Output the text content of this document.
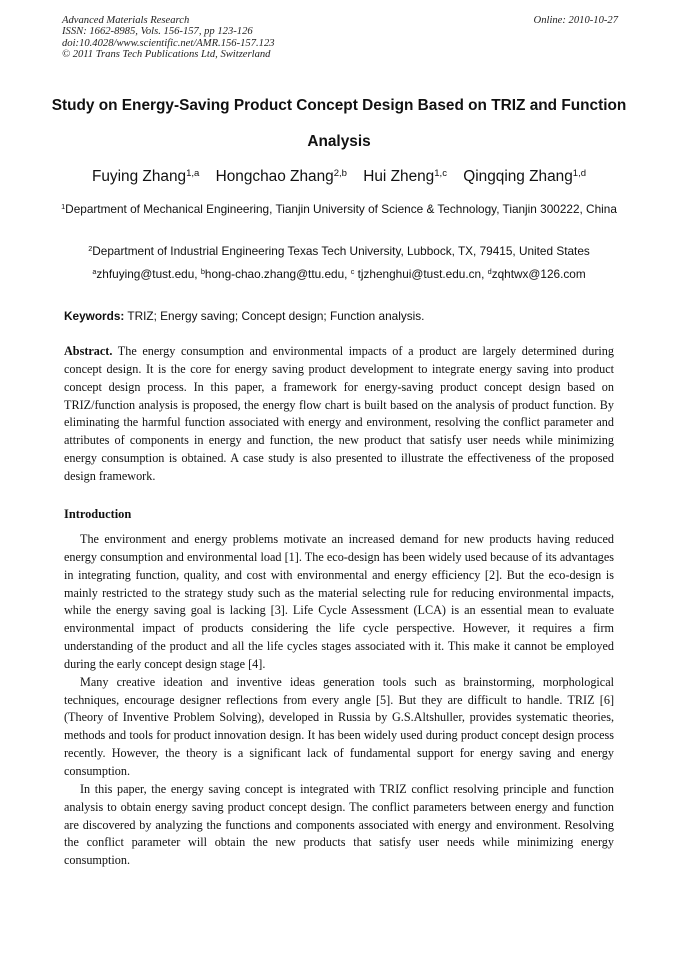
Advanced Materials Research
ISSN: 1662-8985, Vols. 156-157, pp 123-126
doi:10.4028/www.scientific.net/AMR.156-157.123
© 2011 Trans Tech Publications Ltd, Switzerland
Online: 2010-10-27
Study on Energy-Saving Product Concept Design Based on TRIZ and Function Analysis
Fuying Zhang$^{1,a}$ Hongchao Zhang$^{2,b}$ Hui Zheng$^{1,c}$ Qingqing Zhang$^{1,d}$
$^1$Department of Mechanical Engineering, Tianjin University of Science & Technology, Tianjin 300222, China
$^2$Department of Industrial Engineering Texas Tech University, Lubbock, TX, 79415, United States
$^a$zhfuying@tust.edu, $^b$hong-chao.zhang@ttu.edu, $^c$ tjzhenghui@tust.edu.cn, $^d$zqhtwx@126.com
Keywords: TRIZ; Energy saving; Concept design; Function analysis.
Abstract. The energy consumption and environmental impacts of a product are largely determined during concept design. It is the core for energy saving product development to integrate energy saving into product concept design process. In this paper, a framework for energy-saving product concept design based on TRIZ/function analysis is proposed, the energy flow chart is built based on the analysis of product function. By eliminating the harmful function associated with energy and environment, resolving the conflict parameter and attributes of components in energy and function, the new product that satisfy user needs while minimizing energy consumption is obtained. A case study is also presented to illustrate the effectiveness of the proposed design framework.
Introduction

The environment and energy problems motivate an increased demand for new products having reduced energy consumption and environmental load [1]. The eco-design has been widely used because of its advantages in integrating function, quality, and cost with environmental and energy efficiency [2]. But the eco-design is mainly restricted to the strategy study such as the material selecting rule for reducing environmental impacts, while the energy saving goal is lacking [3]. Life Cycle Assessment (LCA) is an essential mean to evaluate environmental impact of products considering the life cycle perspective. However, it requires a firm understanding of the product and all the life cycles stages associated with it. This make it cannot be employed during the early concept design stage [4].

Many creative ideation and inventive ideas generation tools such as brainstorming, morphological techniques, encourage designer reflections from every angle [5]. But they are difficult to handle. TRIZ [6] (Theory of Inventive Problem Solving), developed in Russia by G.S.Altshuller, provides systematic theories, methods and tools for product innovation design. It has been widely used during product concept design process recently. However, the theory is a significant lack of fundamental support for energy saving and energy consumption.

In this paper, the energy saving concept is integrated with TRIZ conflict resolving principle and function analysis to obtain energy saving product concept design. The conflict parameters between energy and function are discovered by analyzing the functions and components associated with energy and environment. Resolving the conflict parameter will obtain the new products that satisfy user needs while minimizing energy consumption.
